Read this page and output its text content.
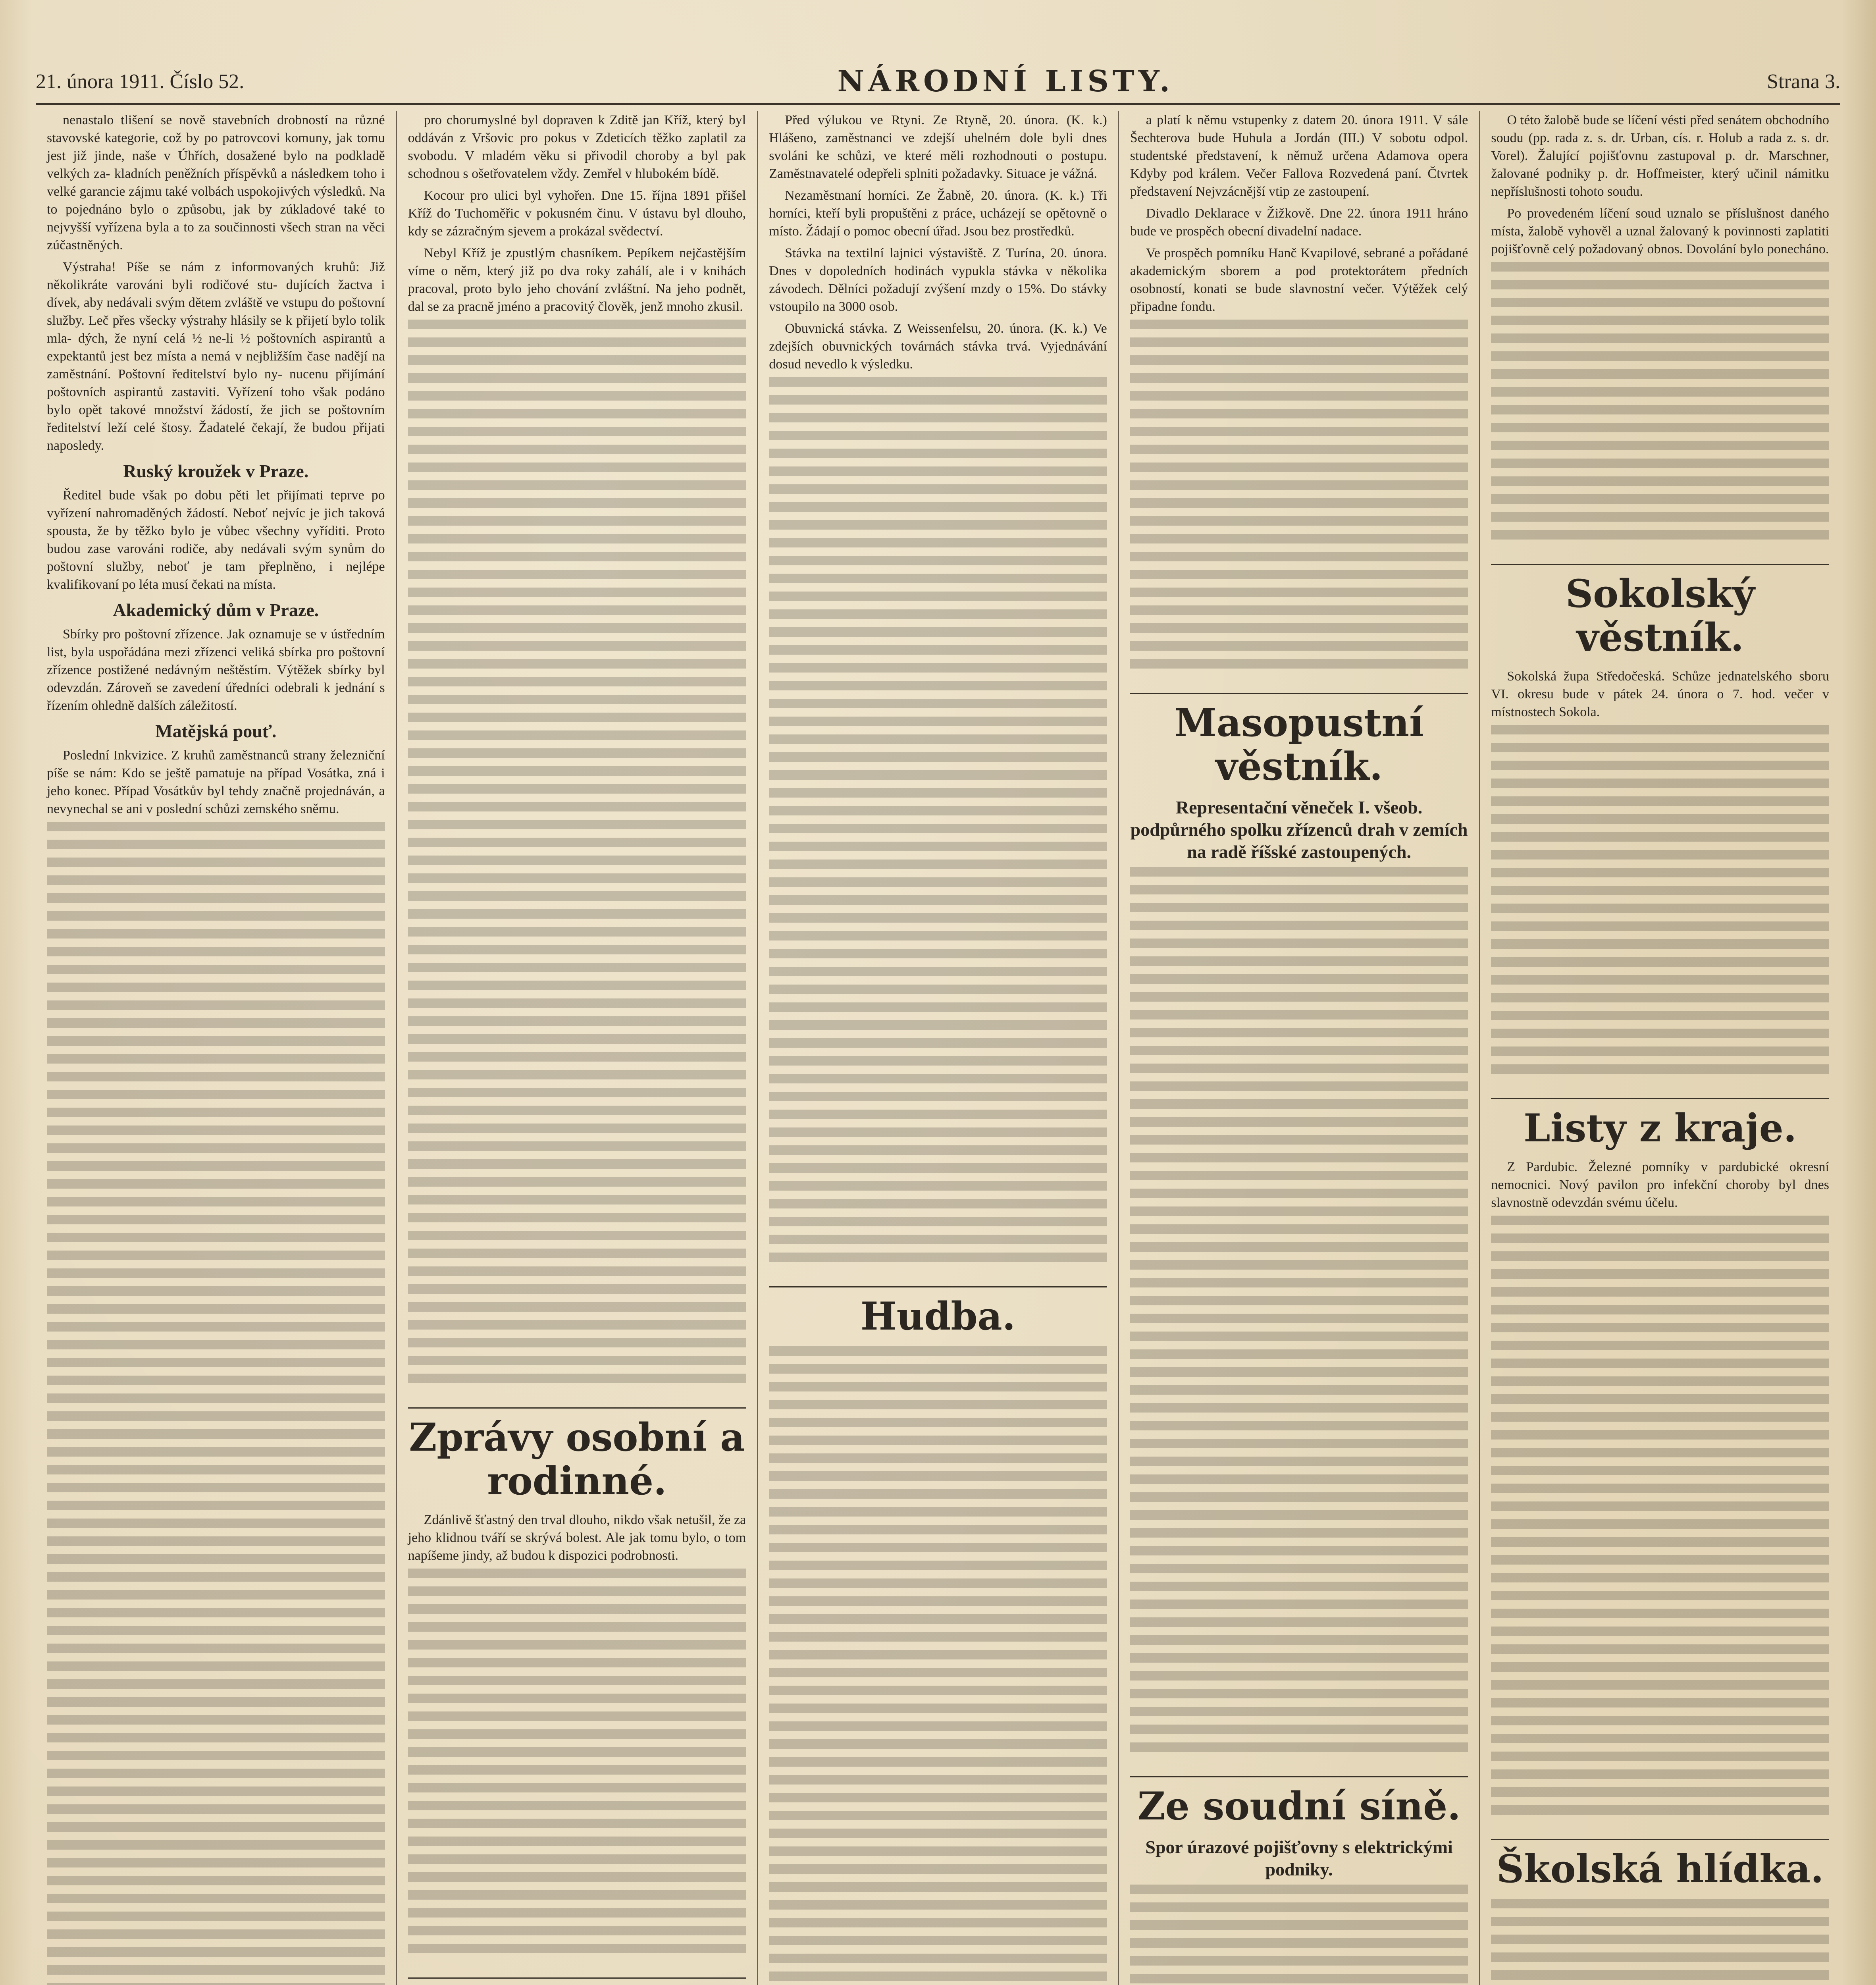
21. února 1911. Číslo 52.	NÁRODNÍ LISTY.	Strana 3.

nenastalo tlišení se nově stavebních drobností na různé stavovské kategorie, což by po patrovcovi komuny, jak tomu jest již jinde, naše v Úhřích, dosažené bylo na podkladě velkých za- kladních peněžních příspěvků a následkem toho i velké garancie zájmu také volbách uspokojivých výsledků. Na to pojednáno bylo o způsobu, jak by zúkladové také to nejvyšší vyřízena byla a to za součinnosti všech stran na věci zúčastněných.

Výstraha! Píše se nám z informovaných kruhů: Již několikráte varováni byli rodičové stu- dujících žactva i dívek, aby nedávali svým dětem zvláště ve vstupu do poštovní služby. Leč přes všecky výstrahy hlásily se k přijetí bylo tolik mla- dých, že nyní celá ½ ne-li ½ poštovních aspirantů a expektantů jest bez místa a nemá v nejbližším čase nadějí na zaměstnání. Poštovní ředitelství bylo ny- nucenu přijímání poštovních aspirantů zastaviti. Vyřízení toho však podáno bylo opět takové množství žádostí, že jich se poštovním ředitelství leží celé štosy. Žadatelé čekají, že budou přijati naposledy.

Ruský kroužek v Praze.

Ředitel bude však po dobu pěti let přijímati teprve po vyřízení nahromaděných žádostí. Neboť nejvíc je jich taková spousta, že by těžko bylo je vůbec všechny vyříditi. Proto budou zase varováni rodiče, aby nedávali svým synům do poštovní služby, neboť je tam přeplněno, i nejlépe kvalifikovaní po léta musí čekati na místa.

Akademický dům v Praze.

Sbírky pro poštovní zřízence. Jak oznamuje se v ústředním list, byla uspořádána mezi zřízenci veliká sbírka pro poštovní zřízence postižené nedávným neštěstím. Výtěžek sbírky byl odevzdán. Zároveň se zavedení úředníci odebrali k jednání s řízením ohledně dalších záležitostí.

Matějská pouť.

Poslední Inkvizice. Z kruhů zaměstnanců strany železniční píše se nám: Kdo se ještě pamatuje na případ Vosátka, zná i jeho konec. Případ Vosátkův byl tehdy značně projednáván, a nevynechal se ani v poslední schůzi zemského sněmu.

pro chorumyslné byl dopraven k Zditě jan Kříž, který byl oddáván z Vršovic pro pokus v Zdeticích těžko zaplatil za svobodu. V mladém věku si přivodil choroby a byl pak schodnou s ošetřovatelem vždy. Zemřel v hlubokém bídě.

Kocour pro ulici byl vyhořen. Dne 15. října 1891 přišel Kříž do Tuchoměřic v pokusném činu. V ústavu byl dlouho, kdy se zázračným sjevem a prokázal svědectví.

Nebyl Kříž je zpustlým chasníkem. Pepíkem nejčastějším víme o něm, který již po dva roky zahálí, ale i v knihách pracoval, proto bylo jeho chování zvláštní. Na jeho podnět, dal se za pracně jméno a pracovitý člověk, jenž mnoho zkusil.

Zprávy osobní a rodinné.

Zdánlivě šťastný den trval dlouho, nikdo však netušil, že za jeho klidnou tváří se skrývá bolest. Ale jak tomu bylo, o tom napíšeme jindy, až budou k dispozici podrobnosti.

Před výlukou ve Rtyni. Ze Rtyně, 20. února. (K. k.) Hlášeno, zaměstnanci ve zdejší uhelném dole byli dnes svoláni ke schůzi, ve které měli rozhodnouti o postupu. Zaměstnavatelé odepřeli splniti požadavky. Situace je vážná.

Nezaměstnaní horníci. Ze Žabně, 20. února. (K. k.) Tři horníci, kteří byli propuštěni z práce, ucházejí se opětovně o místo. Žádají o pomoc obecní úřad. Jsou bez prostředků.

Stávka na textilní lajnici výstaviště. Z Turína, 20. února. Dnes v dopoledních hodinách vypukla stávka v několika závodech. Dělníci požadují zvýšení mzdy o 15%. Do stávky vstoupilo na 3000 osob.

Obuvnická stávka. Z Weissenfelsu, 20. února. (K. k.) Ve zdejších obuvnických továrnách stávka trvá. Vyjednávání dosud nevedlo k výsledku.

Hudba.

a platí k němu vstupenky z datem 20. února 1911. V sále Šechterova bude Huhula a Jordán (III.) V sobotu odpol. studentské představení, k němuž určena Adamova opera Kdyby pod králem. Večer Fallova Rozvedená paní. Čtvrtek představení Nejvzácnější vtip ze zastoupení.

Divadlo Deklarace v Žižkově. Dne 22. února 1911 hráno bude ve prospěch obecní divadelní nadace.

Ve prospěch pomníku Hanč Kvapilové, sebrané a pořádané akademickým sborem a pod protektorátem předních osobností, konati se bude slavnostní večer. Výtěžek celý připadne fondu.

Masopustní věstník.
Representační věneček I. všeob. podpůrného spolku zřízenců drah v zemích na radě říšské zastoupených.
Ze soudní síně.
Spor úrazové pojišťovny s elektrickými podniky.

O této žalobě bude se líčení vésti před senátem obchodního soudu (pp. rada z. s. dr. Urban, cís. r. Holub a rada z. s. dr. Vorel). Žalující pojišťovnu zastupoval p. dr. Marschner, žalované podniky p. dr. Hoffmeister, který učinil námitku nepříslušnosti tohoto soudu.

Po provedeném líčení soud uznalo se příslušnost daného místa, žalobě vyhověl a uznal žalovaný k povinnosti zaplatiti pojišťovně celý požadovaný obnos. Dovolání bylo ponecháno.

Sokolský věstník.

Sokolská župa Středočeská. Schůze jednatelského sboru VI. okresu bude v pátek 24. února o 7. hod. večer v místnostech Sokola.

Listy z kraje.

Z Pardubic. Železné pomníky v pardubické okresní nemocnici. Nový pavilon pro infekční choroby byl dnes slavnostně odevzdán svému účelu.

Školská hlídka.
